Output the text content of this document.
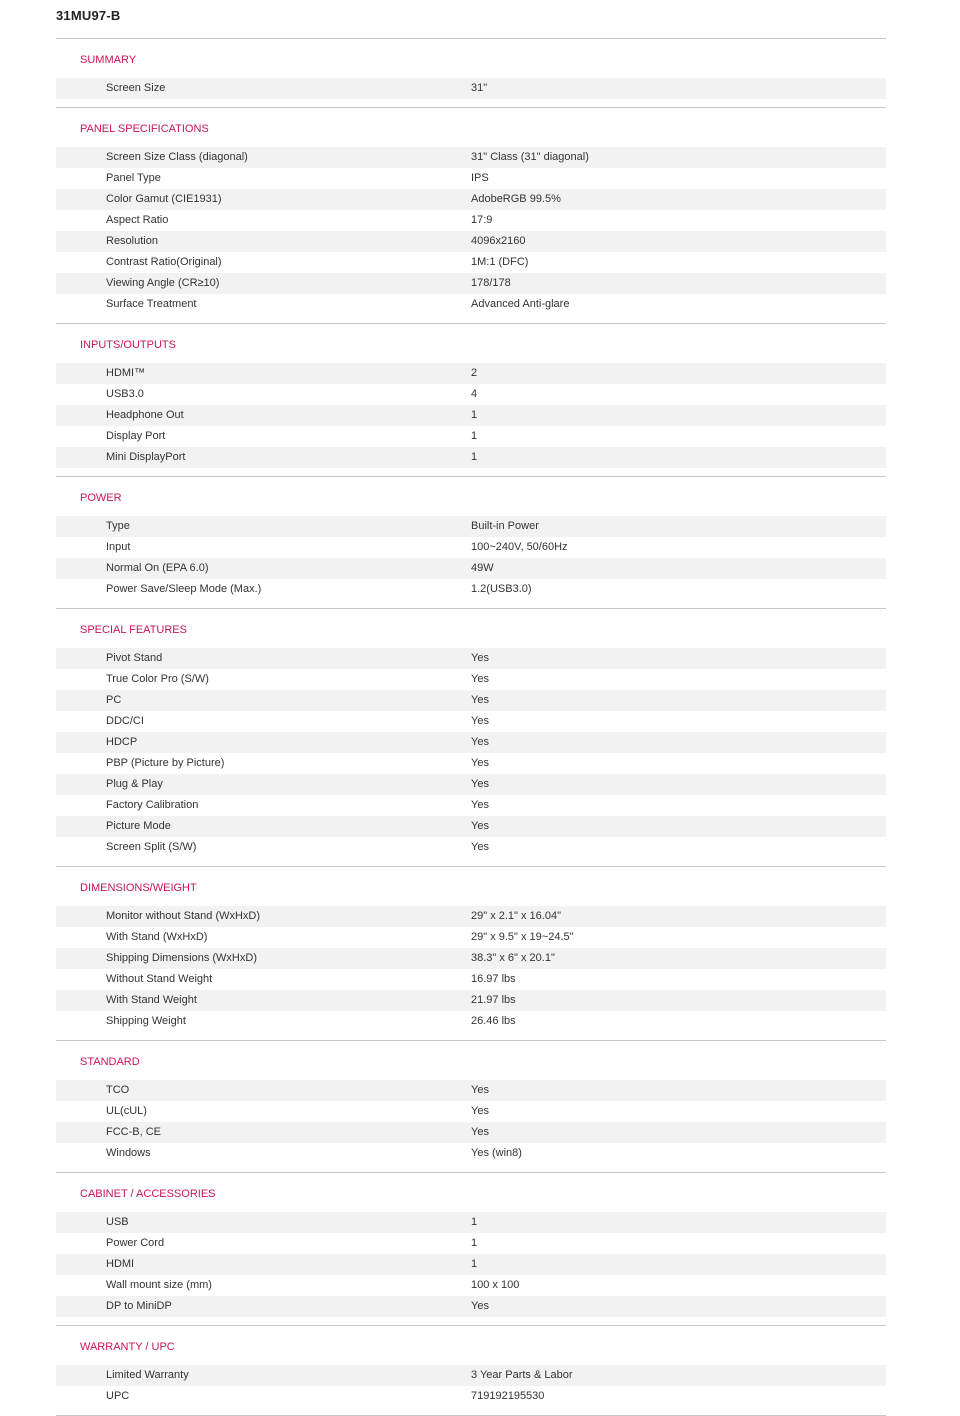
31MU97-B
SUMMARY
Screen Size	31"
PANEL SPECIFICATIONS
Screen Size Class (diagonal)	31" Class (31" diagonal)
Panel Type	IPS
Color Gamut (CIE1931)	AdobeRGB 99.5%
Aspect Ratio	17:9
Resolution	4096x2160
Contrast Ratio(Original)	1M:1 (DFC)
Viewing Angle (CR≥10)	178/178
Surface Treatment	Advanced Anti-glare
INPUTS/OUTPUTS
HDMI™	2
USB3.0	4
Headphone Out	1
Display Port	1
Mini DisplayPort	1
POWER
Type	Built-in Power
Input	100~240V, 50/60Hz
Normal On (EPA 6.0)	49W
Power Save/Sleep Mode (Max.)	1.2(USB3.0)
SPECIAL FEATURES
Pivot Stand	Yes
True Color Pro (S/W)	Yes
PC	Yes
DDC/CI	Yes
HDCP	Yes
PBP (Picture by Picture)	Yes
Plug & Play	Yes
Factory Calibration	Yes
Picture Mode	Yes
Screen Split (S/W)	Yes
DIMENSIONS/WEIGHT
Monitor without Stand (WxHxD)	29" x 2.1" x 16.04"
With Stand (WxHxD)	29" x 9.5" x 19~24.5"
Shipping Dimensions (WxHxD)	38.3" x 6" x 20.1"
Without Stand Weight	16.97 lbs
With Stand Weight	21.97 lbs
Shipping Weight	26.46 lbs
STANDARD
TCO	Yes
UL(cUL)	Yes
FCC-B, CE	Yes
Windows	Yes (win8)
CABINET / ACCESSORIES
USB	1
Power Cord	1
HDMI	1
Wall mount size (mm)	100 x 100
DP to MiniDP	Yes
WARRANTY / UPC
Limited Warranty	3 Year Parts & Labor
UPC	719192195530
